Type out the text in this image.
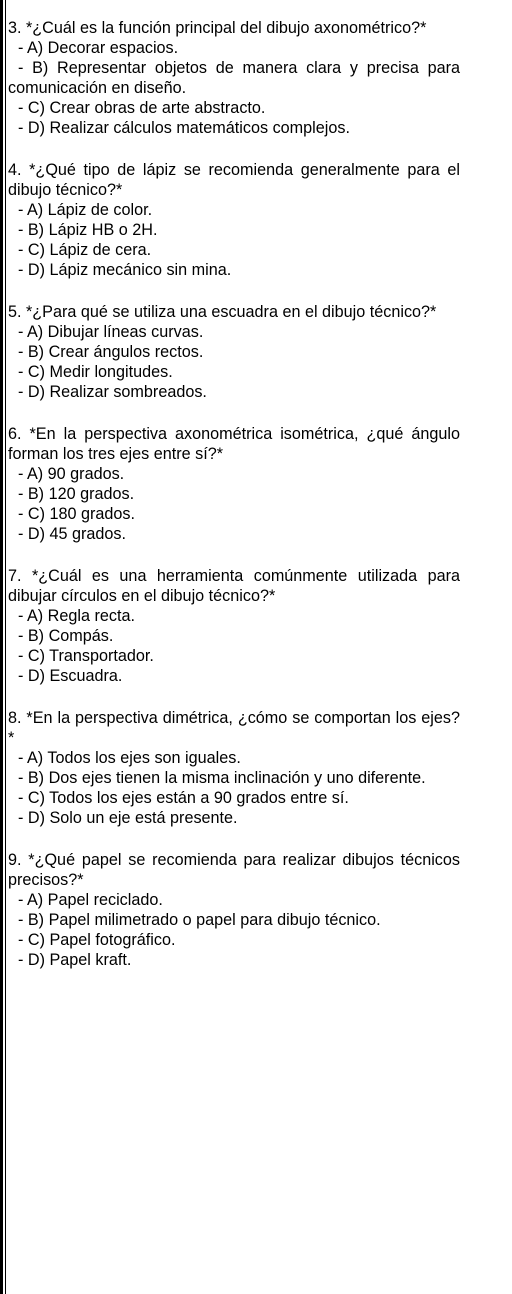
3. *¿Cuál es la función principal del dibujo axonométrico?*

- A) Decorar espacios.

- B) Representar objetos de manera clara y precisa para comunicación en diseño.

- C) Crear obras de arte abstracto.

- D) Realizar cálculos matemáticos complejos.

4. *¿Qué tipo de lápiz se recomienda generalmente para el dibujo técnico?*

- A) Lápiz de color.

- B) Lápiz HB o 2H.

- C) Lápiz de cera.

- D) Lápiz mecánico sin mina.

5. *¿Para qué se utiliza una escuadra en el dibujo técnico?*

- A) Dibujar líneas curvas.

- B) Crear ángulos rectos.

- C) Medir longitudes.

- D) Realizar sombreados.

6. *En la perspectiva axonométrica isométrica, ¿qué ángulo forman los tres ejes entre sí?*

- A) 90 grados.

- B) 120 grados.

- C) 180 grados.

- D) 45 grados.

7. *¿Cuál es una herramienta comúnmente utilizada para dibujar círculos en el dibujo técnico?*

- A) Regla recta.

- B) Compás.

- C) Transportador.

- D) Escuadra.

8. *En la perspectiva dimétrica, ¿cómo se comportan los ejes?*

- A) Todos los ejes son iguales.

- B) Dos ejes tienen la misma inclinación y uno diferente.

- C) Todos los ejes están a 90 grados entre sí.

- D) Solo un eje está presente.

9. *¿Qué papel se recomienda para realizar dibujos técnicos precisos?*

- A) Papel reciclado.

- B) Papel milimetrado o papel para dibujo técnico.

- C) Papel fotográfico.

- D) Papel kraft.
